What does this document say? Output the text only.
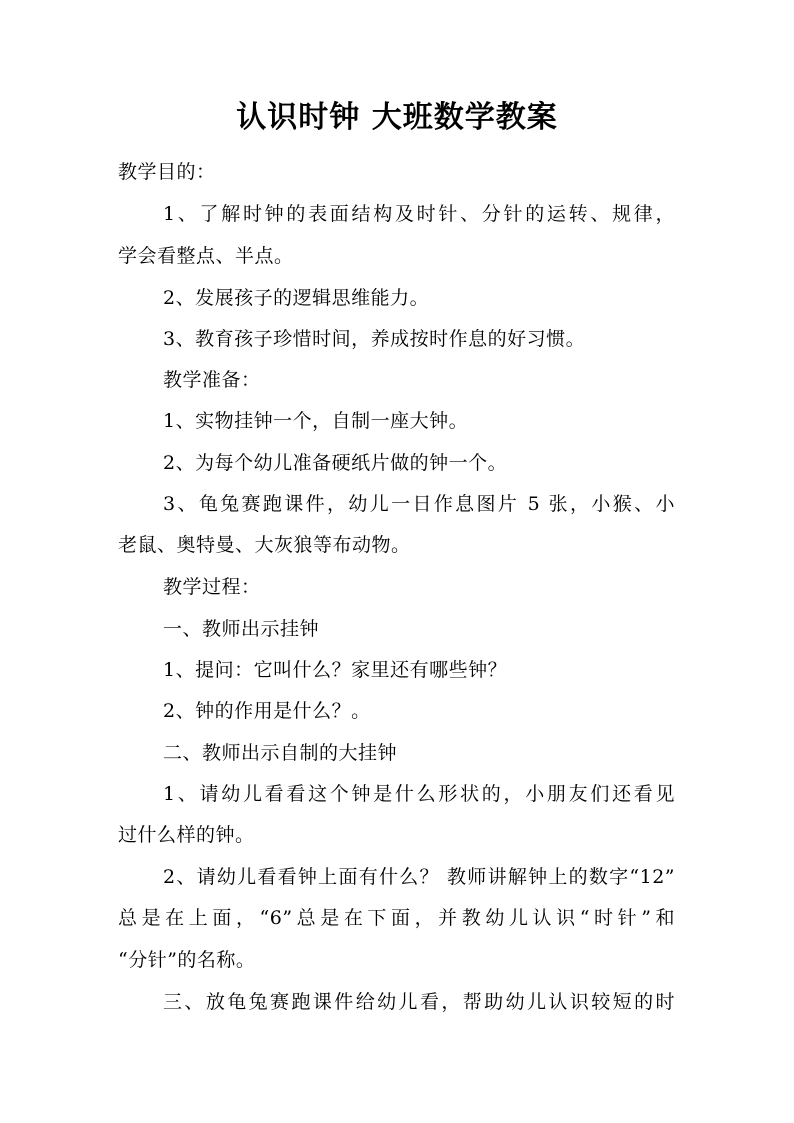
认识时钟 大班数学教案
教学目的：
1、了解时钟的表面结构及时针、分针的运转、规律，
学会看整点、半点。
2、发展孩子的逻辑思维能力。
3、教育孩子珍惜时间，养成按时作息的好习惯。
教学准备：
1、实物挂钟一个，自制一座大钟。
2、为每个幼儿准备硬纸片做的钟一个。
3、龟兔赛跑课件，幼儿一日作息图片 5 张，小猴、小
老鼠、奥特曼、大灰狼等布动物。
教学过程：
一、教师出示挂钟
1、提问：它叫什么？家里还有哪些钟？
2、钟的作用是什么？。
二、教师出示自制的大挂钟
1、请幼儿看看这个钟是什么形状的，小朋友们还看见
过什么样的钟。
2、请幼儿看看钟上面有什么？ 教师讲解钟上的数字“12”
总是在上面，“6”总是在下面，并教幼儿认识“时针”和
“分针”的名称。
三、放龟兔赛跑课件给幼儿看，帮助幼儿认识较短的时
